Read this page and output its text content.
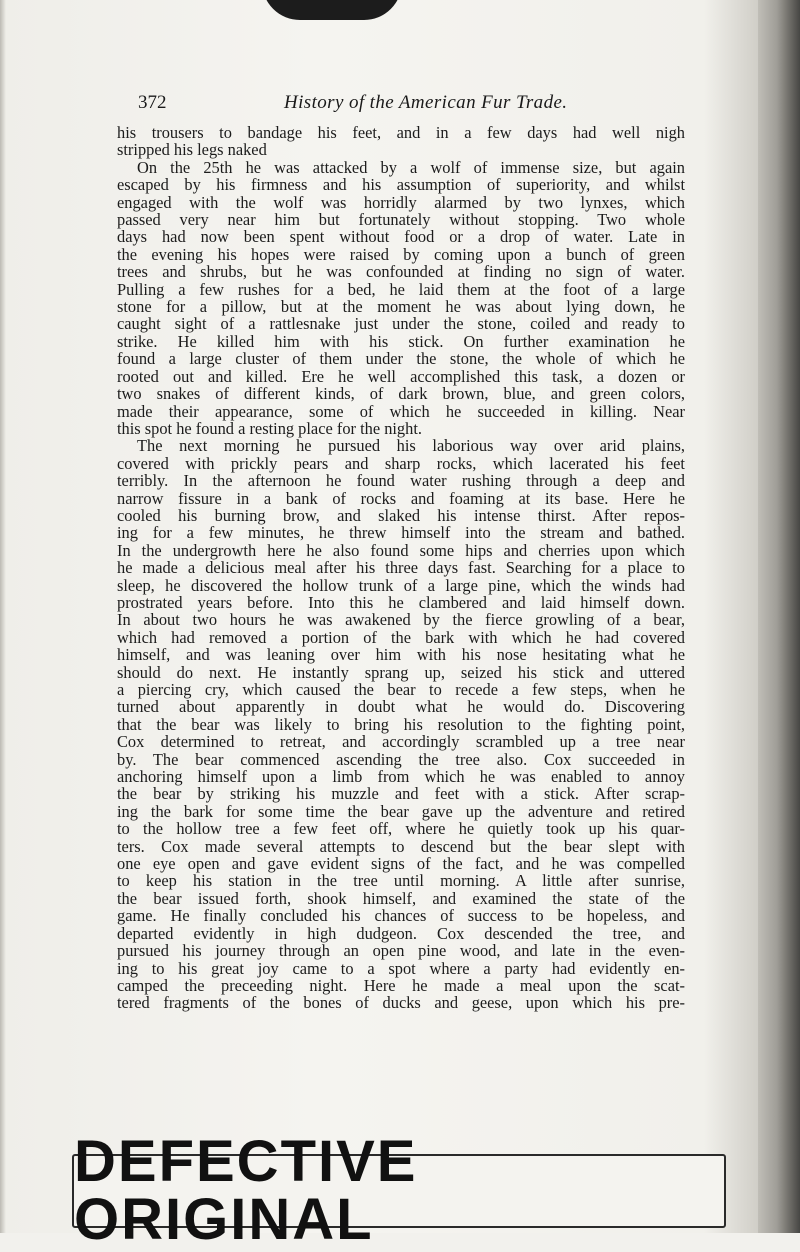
372	History of the American Fur Trade.
his trousers to bandage his feet, and in a few days had well nigh
stripped his legs naked
On the 25th he was attacked by a wolf of immense size, but again
escaped by his firmness and his assumption of superiority, and whilst
engaged with the wolf was horridly alarmed by two lynxes, which
passed very near him but fortunately without stopping. Two whole
days had now been spent without food or a drop of water. Late in
the evening his hopes were raised by coming upon a bunch of green
trees and shrubs, but he was confounded at finding no sign of water.
Pulling a few rushes for a bed, he laid them at the foot of a large
stone for a pillow, but at the moment he was about lying down, he
caught sight of a rattlesnake just under the stone, coiled and ready to
strike. He killed him with his stick. On further examination he
found a large cluster of them under the stone, the whole of which he
rooted out and killed. Ere he well accomplished this task, a dozen or
two snakes of different kinds, of dark brown, blue, and green colors,
made their appearance, some of which he succeeded in killing. Near
this spot he found a resting place for the night.
The next morning he pursued his laborious way over arid plains,
covered with prickly pears and sharp rocks, which lacerated his feet
terribly. In the afternoon he found water rushing through a deep and
narrow fissure in a bank of rocks and foaming at its base. Here he
cooled his burning brow, and slaked his intense thirst. After repos-
ing for a few minutes, he threw himself into the stream and bathed.
In the undergrowth here he also found some hips and cherries upon which
he made a delicious meal after his three days fast. Searching for a place to
sleep, he discovered the hollow trunk of a large pine, which the winds had
prostrated years before. Into this he clambered and laid himself down.
In about two hours he was awakened by the fierce growling of a bear,
which had removed a portion of the bark with which he had covered
himself, and was leaning over him with his nose hesitating what he
should do next. He instantly sprang up, seized his stick and uttered
a piercing cry, which caused the bear to recede a few steps, when he
turned about apparently in doubt what he would do. Discovering
that the bear was likely to bring his resolution to the fighting point,
Cox determined to retreat, and accordingly scrambled up a tree near
by. The bear commenced ascending the tree also. Cox succeeded in
anchoring himself upon a limb from which he was enabled to annoy
the bear by striking his muzzle and feet with a stick. After scrap-
ing the bark for some time the bear gave up the adventure and retired
to the hollow tree a few feet off, where he quietly took up his quar-
ters. Cox made several attempts to descend but the bear slept with
one eye open and gave evident signs of the fact, and he was compelled
to keep his station in the tree until morning. A little after sunrise,
the bear issued forth, shook himself, and examined the state of the
game. He finally concluded his chances of success to be hopeless, and
departed evidently in high dudgeon. Cox descended the tree, and
pursued his journey through an open pine wood, and late in the even-
ing to his great joy came to a spot where a party had evidently en-
camped the preceeding night. Here he made a meal upon the scat-
tered fragments of the bones of ducks and geese, upon which his pre-
DEFECTIVE ORIGINAL
